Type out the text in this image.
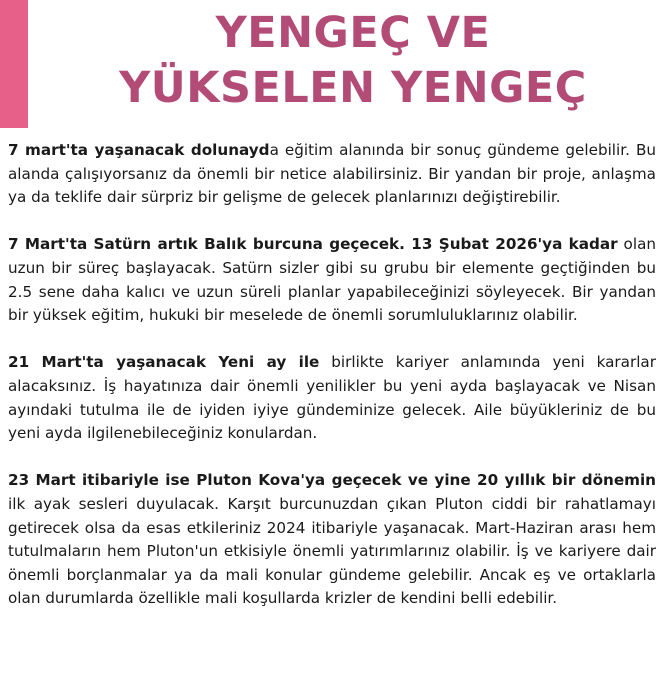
YENGEÇ VE
YÜKSELEN YENGEÇ

7 mart'ta yaşanacak dolunayda eğitim alanında bir sonuç gündeme gelebilir. Bu alanda çalışıyorsanız da önemli bir netice alabilirsiniz. Bir yandan bir proje, anlaşma ya da teklife dair sürpriz bir gelişme de gelecek planlarınızı değiştirebilir.

7 Mart'ta Satürn artık Balık burcuna geçecek. 13 Şubat 2026'ya kadar olan uzun bir süreç başlayacak. Satürn sizler gibi su grubu bir elemente geçtiğinden bu 2.5 sene daha kalıcı ve uzun süreli planlar yapabileceğinizi söyleyecek. Bir yandan bir yüksek eğitim, hukuki bir meselede de önemli sorumluluklarınız olabilir.

21 Mart'ta yaşanacak Yeni ay ile birlikte kariyer anlamında yeni kararlar alacaksınız. İş hayatınıza dair önemli yenilikler bu yeni ayda başlayacak ve Nisan ayındaki tutulma ile de iyiden iyiye gündeminize gelecek. Aile büyükleriniz de bu yeni ayda ilgilenebileceğiniz konulardan.

23 Mart itibariyle ise Pluton Kova'ya geçecek ve yine 20 yıllık bir dönemin ilk ayak sesleri duyulacak. Karşıt burcunuzdan çıkan Pluton ciddi bir rahatlamayı getirecek olsa da esas etkileriniz 2024 itibariyle yaşanacak. Mart-Haziran arası hem tutulmaların hem Pluton'un etkisiyle önemli yatırımlarınız olabilir. İş ve kariyere dair önemli borçlanmalar ya da mali konular gündeme gelebilir. Ancak eş ve ortaklarla olan durumlarda özellikle mali koşullarda krizler de kendini belli edebilir.
